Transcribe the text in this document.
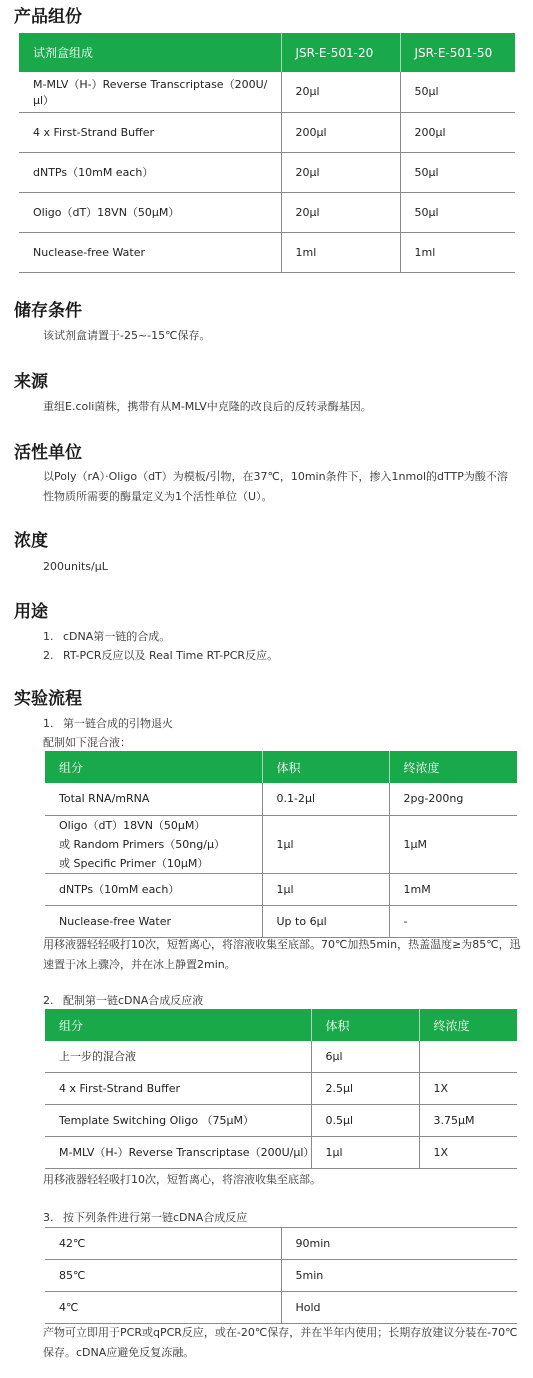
产品组份
试剂盒组成	JSR-E-501-20	JSR-E-501-50
M-MLV（H-）Reverse Transcriptase（200U/μl）	20μl	50μl
4 x First-Strand Buffer	200μl	200μl
dNTPs（10mM each）	20μl	50μl
Oligo（dT）18VN（50μM）	20μl	50μl
Nuclease-free Water	1ml	1ml
储存条件
该试剂盒请置于-25~-15℃保存。
来源
重组E.coli菌株，携带有从M-MLV中克隆的改良后的反转录酶基因。
活性单位
以Poly（rA）·Oligo（dT）为模板/引物，在37℃，10min条件下，掺入1nmol的dTTP为酸不溶
性物质所需要的酶量定义为1个活性单位（U）。
浓度
200units/μL
用途
1. cDNA第一链的合成。
2. RT-PCR反应以及 Real Time RT-PCR反应。
实验流程
1. 第一链合成的引物退火
配制如下混合液：
组分	体积	终浓度
Total RNA/mRNA	0.1-2μl	2pg-200ng

Oligo（dT）18VN（50μM）
或 Random Primers（50ng/μ）
或 Specific Primer（10μM）	1μl	1μM
dNTPs（10mM each）	1μl	1mM
Nuclease-free Water	Up to 6μl	-
用移液器轻轻吸打10次，短暂离心，将溶液收集至底部。70℃加热5min，热盖温度≥为85℃，迅
速置于冰上骤冷，并在冰上静置2min。
2. 配制第一链cDNA合成反应液
组分	体积	终浓度
上一步的混合液	6μl	
4 x First-Strand Buffer	2.5μl	1X
Template Switching Oligo （75μM）	0.5μl	3.75μM
M-MLV（H-）Reverse Transcriptase（200U/μl）	1μl	1X
用移液器轻轻吸打10次，短暂离心，将溶液收集至底部。
3. 按下列条件进行第一链cDNA合成反应
42℃	90min
85℃	5min
4℃	Hold
产物可立即用于PCR或qPCR反应，或在-20℃保存，并在半年内使用；长期存放建议分装在-70℃
保存。cDNA应避免反复冻融。
